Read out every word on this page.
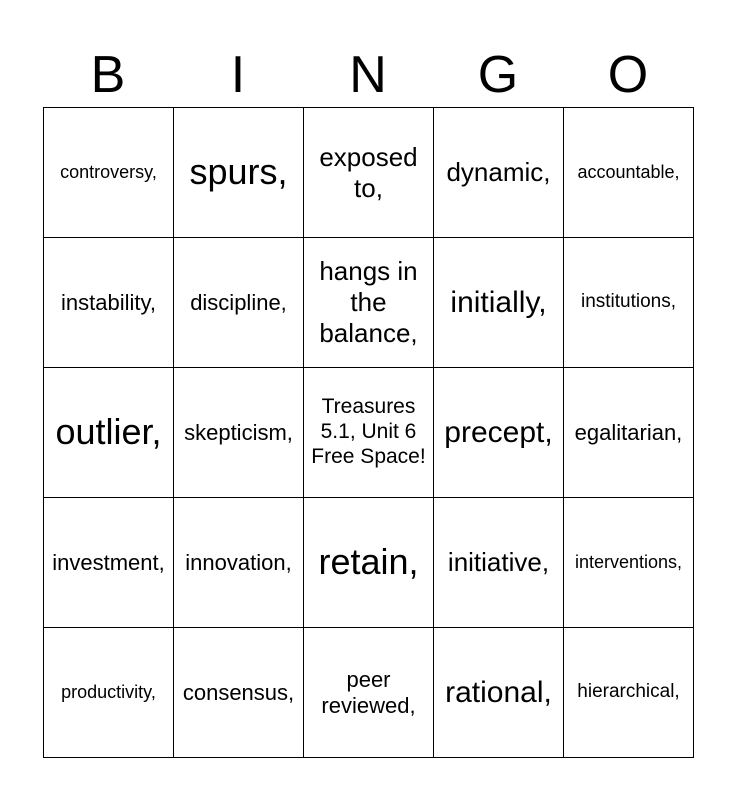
B	I	N	G	O
controversy,	spurs,	exposed to,	dynamic,	accountable,
instability,	discipline,	hangs in the balance,	initially,	institutions,
outlier,	skepticism,	Treasures 5.1, Unit 6 Free Space!	precept,	egalitarian,
investment,	innovation,	retain,	initiative,	interventions,
productivity,	consensus,	peer reviewed,	rational,	hierarchical,
